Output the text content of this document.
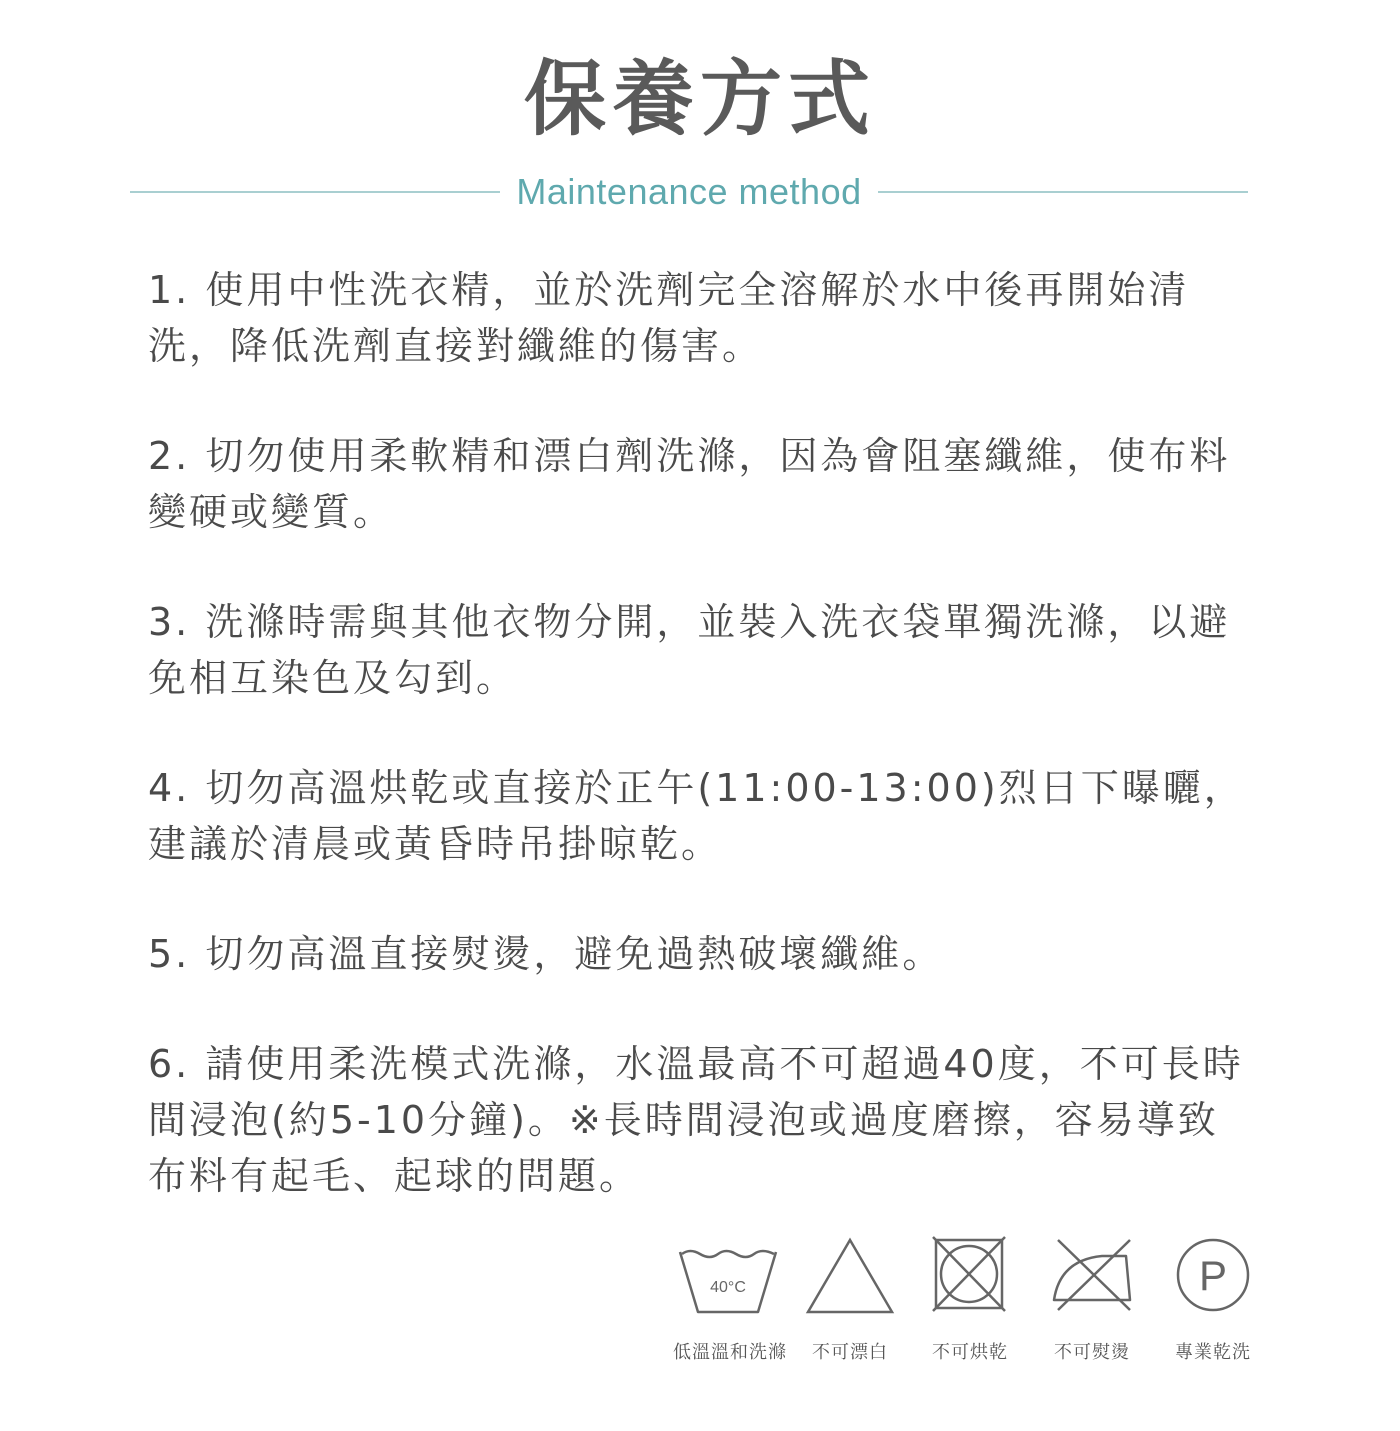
保養方式
Maintenance method

1. 使用中性洗衣精，並於洗劑完全溶解於水中後再開始清洗，降低洗劑直接對纖維的傷害。

2. 切勿使用柔軟精和漂白劑洗滌，因為會阻塞纖維，使布料變硬或變質。

3. 洗滌時需與其他衣物分開，並裝入洗衣袋單獨洗滌，以避免相互染色及勾到。

4. 切勿高溫烘乾或直接於正午(11:00-13:00)烈日下曝曬，建議於清晨或黃昏時吊掛晾乾。

5. 切勿高溫直接熨燙，避免過熱破壞纖維。

6. 請使用柔洗模式洗滌，水溫最高不可超過40度，不可長時間浸泡(約5-10分鐘)。※長時間浸泡或過度磨擦，容易導致布料有起毛、起球的問題。

40°C
低溫溫和洗滌	不可漂白	不可烘乾	不可熨燙
P
專業乾洗
